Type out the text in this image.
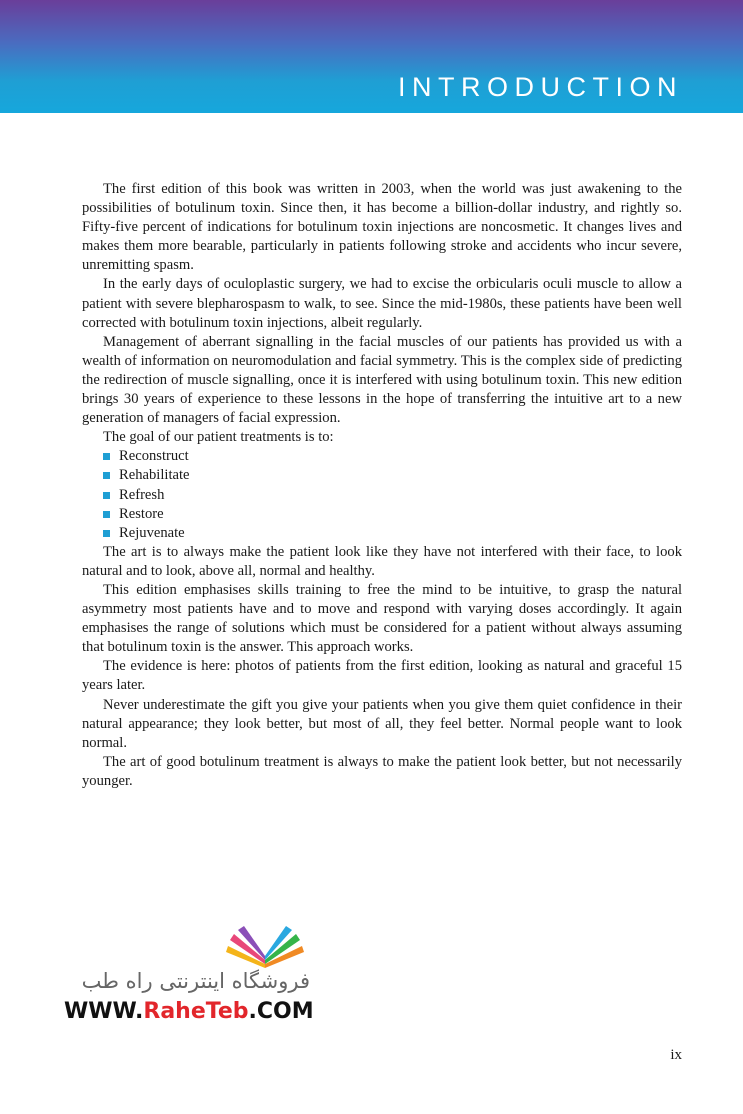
INTRODUCTION

The first edition of this book was written in 2003, when the world was just awakening to the possibilities of botulinum toxin. Since then, it has become a billion-dollar industry, and rightly so. Fifty-five percent of indications for botulinum toxin injections are noncosmetic. It changes lives and makes them more bearable, particularly in patients following stroke and accidents who incur severe, unremitting spasm.

In the early days of oculoplastic surgery, we had to excise the orbicularis oculi muscle to allow a patient with severe blepharospasm to walk, to see. Since the mid-1980s, these patients have been well corrected with botulinum toxin injections, albeit regularly.

Management of aberrant signalling in the facial muscles of our patients has provided us with a wealth of information on neuromodulation and facial symmetry. This is the complex side of predicting the redirection of muscle signalling, once it is interfered with using botulinum toxin. This new edition brings 30 years of experience to these lessons in the hope of transferring the intuitive art to a new generation of managers of facial expression.

The goal of our patient treatments is to:

Reconstruct
Rehabilitate
Refresh
Restore
Rejuvenate

The art is to always make the patient look like they have not interfered with their face, to look natural and to look, above all, normal and healthy.

This edition emphasises skills training to free the mind to be intuitive, to grasp the natural asymmetry most patients have and to move and respond with varying doses accordingly. It again emphasises the range of solutions which must be considered for a patient without always assuming that botulinum toxin is the answer. This approach works.

The evidence is here: photos of patients from the first edition, looking as natural and graceful 15 years later.

Never underestimate the gift you give your patients when you give them quiet confidence in their natural appearance; they look better, but most of all, they feel better. Normal people want to look normal.

The art of good botulinum treatment is always to make the patient look better, but not necessarily younger.

فروشگاه اینترنتی راه طب
WWW.RaheTeb.COM
ix
